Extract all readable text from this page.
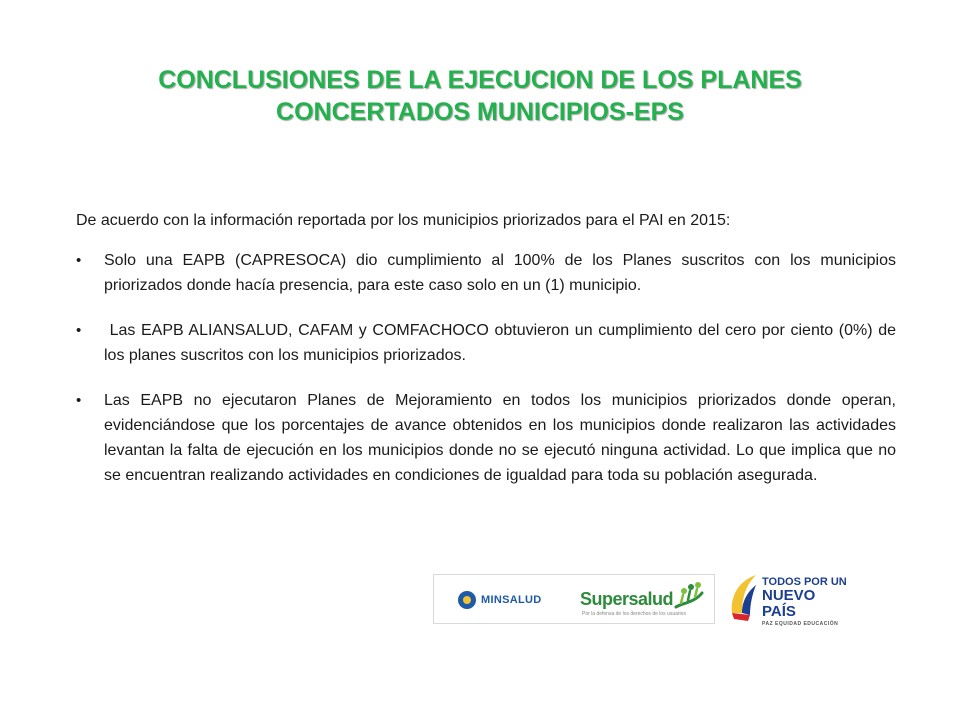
CONCLUSIONES DE LA EJECUCION DE LOS PLANES
CONCERTADOS MUNICIPIOS-EPS

De acuerdo con la información reportada por los municipios priorizados para el PAI en 2015:

• Solo una EAPB (CAPRESOCA) dio cumplimiento al 100% de los Planes suscritos con los municipios priorizados donde hacía presencia, para este caso solo en un (1) municipio.
• Las EAPB ALIANSALUD, CAFAM y COMFACHOCO obtuvieron un cumplimiento del cero por ciento (0%) de los planes suscritos con los municipios priorizados.
• Las EAPB no ejecutaron Planes de Mejoramiento en todos los municipios priorizados donde operan, evidenciándose que los porcentajes de avance obtenidos en los municipios donde realizaron las actividades levantan la falta de ejecución en los municipios donde no se ejecutó ninguna actividad. Lo que implica que no se encuentran realizando actividades en condiciones de igualdad para toda su población asegurada.
MINSALUD Supersalud
Por la defensa de los derechos de los usuarios
TODOS POR UN
NUEVO PAÍS
PAZ EQUIDAD EDUCACIÓN
